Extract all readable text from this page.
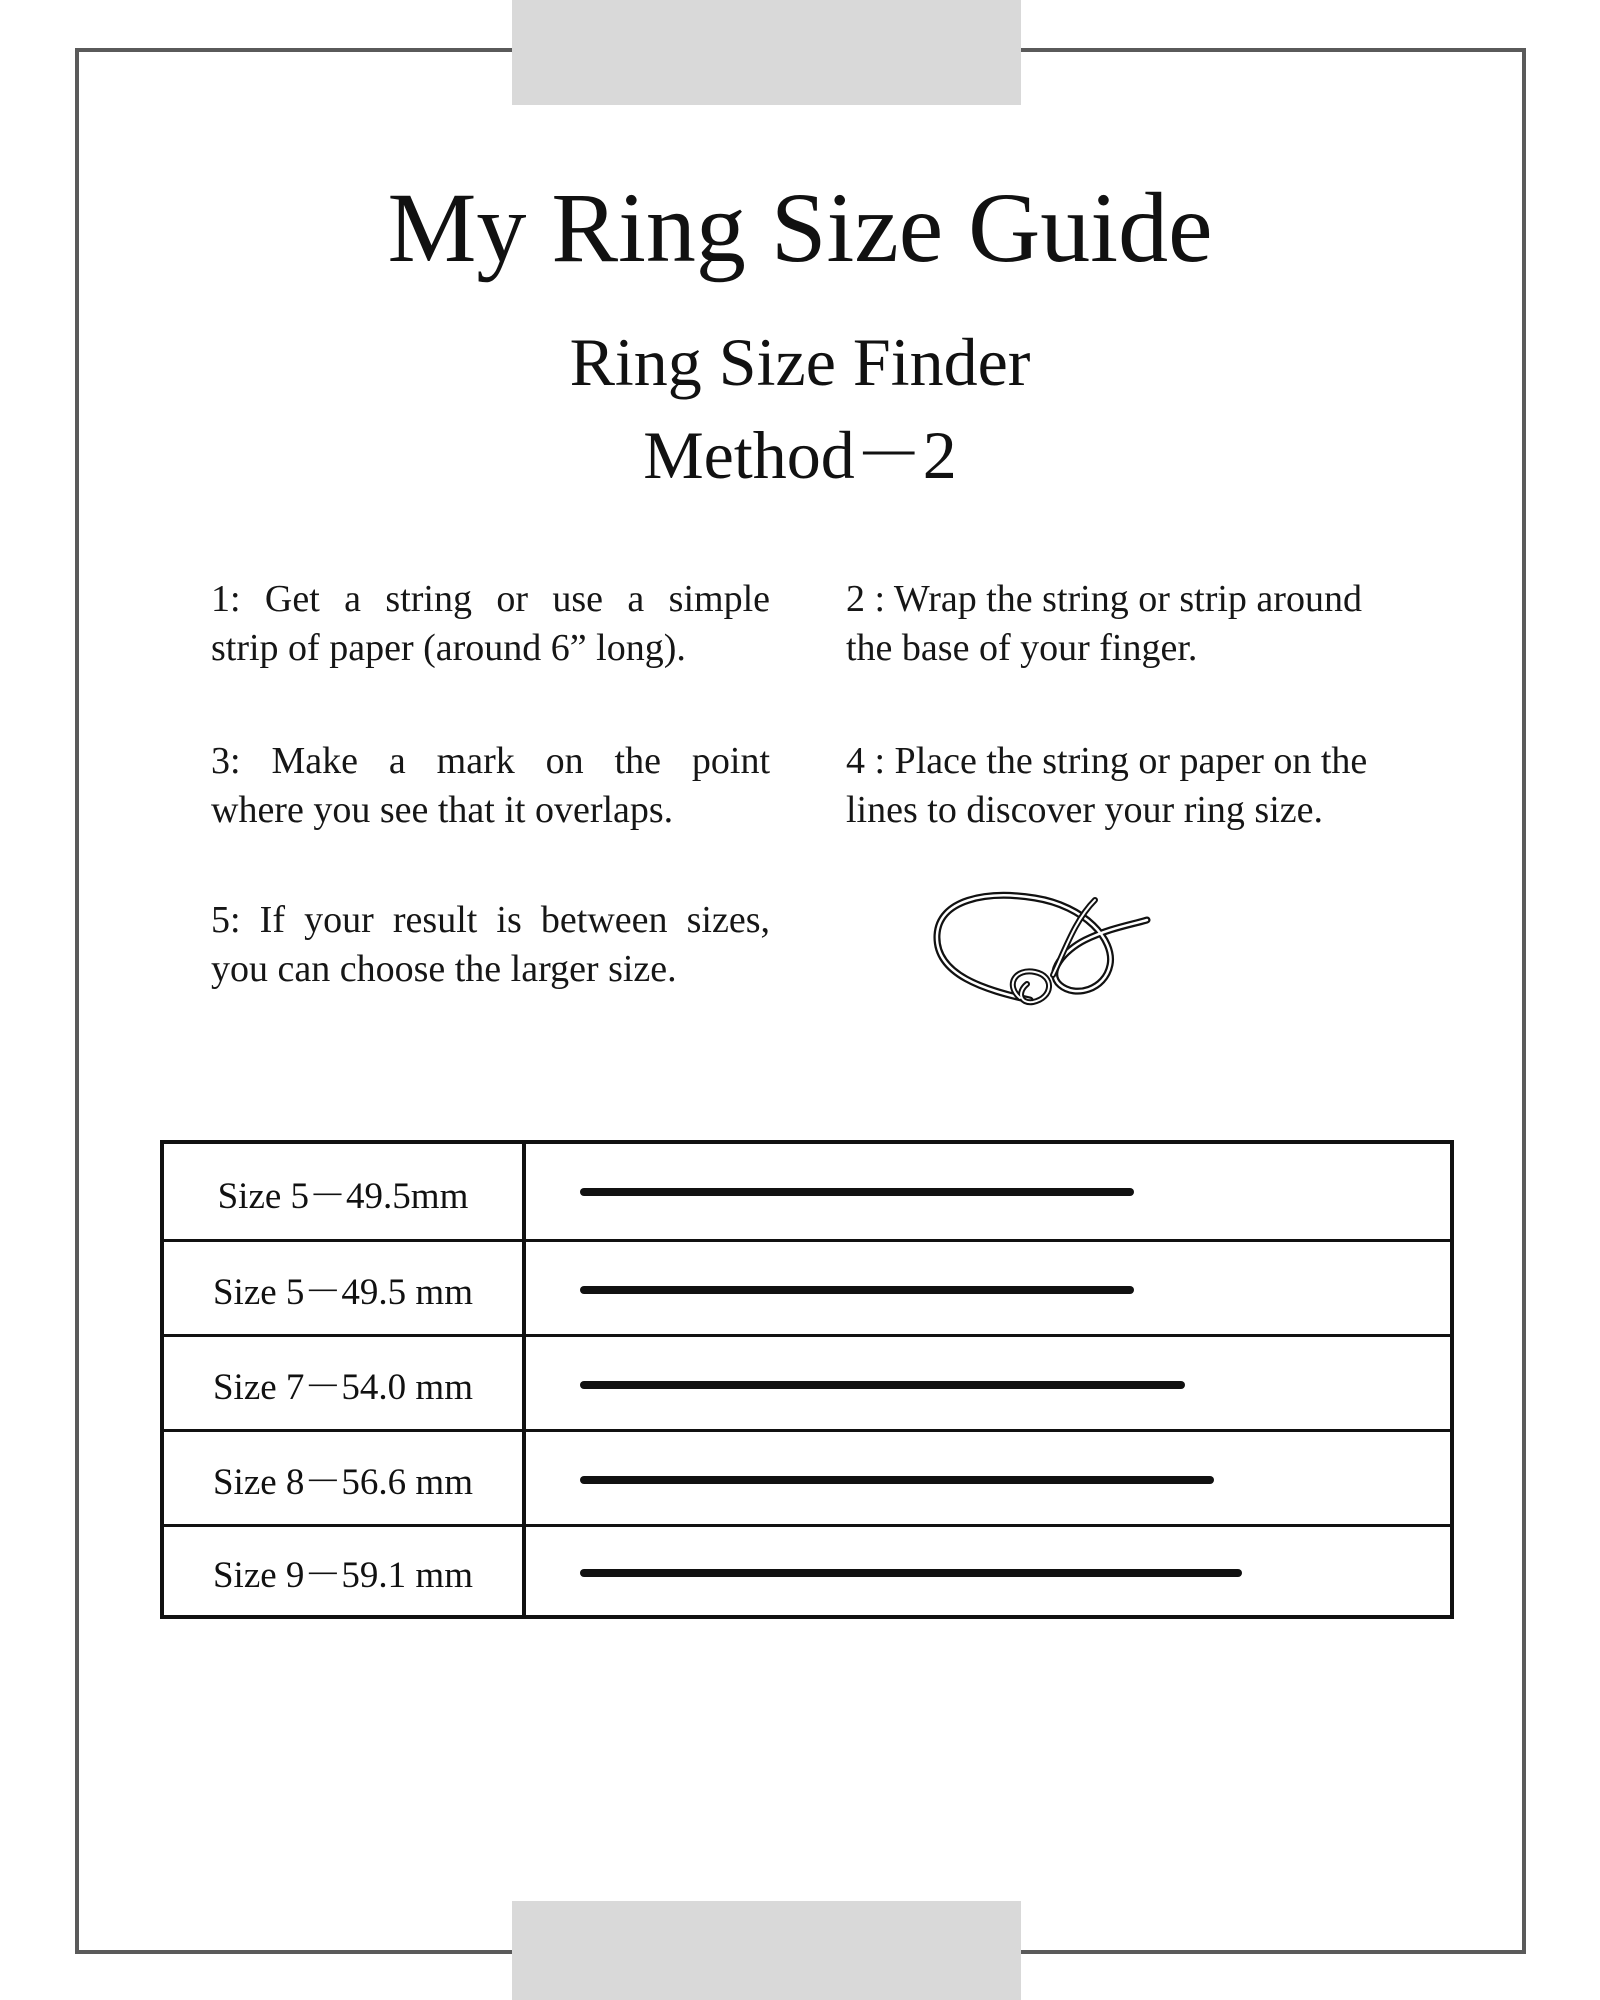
My Ring Size Guide
Ring Size Finder
Method－2
1: Get a string or use a simple
strip of paper (around 6” long).
2 : Wrap the string or strip around
the base of your finger.
3: Make a mark on the point
where you see that it overlaps.
4 : Place the string or paper on the
lines to discover your ring size.
5: If your result is between sizes,
you can choose the larger size.
Size 5－49.5mm
Size 5－49.5 mm
Size 7－54.0 mm
Size 8－56.6 mm
Size 9－59.1 mm
